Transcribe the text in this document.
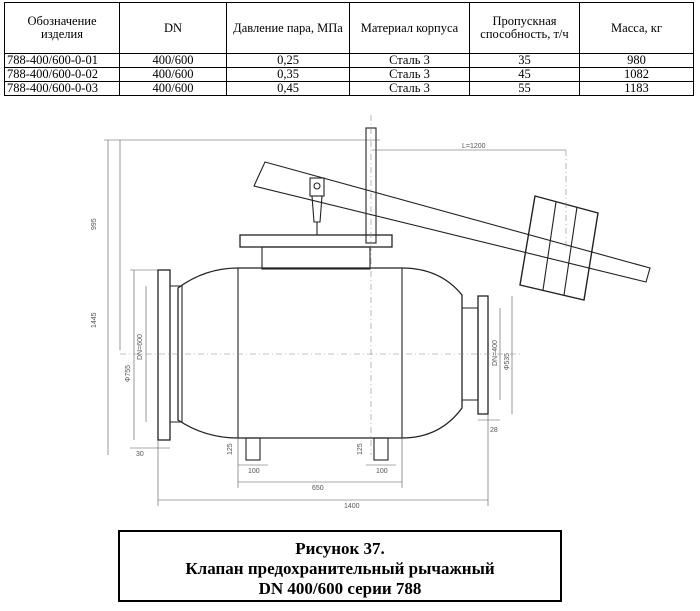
Обозначение изделия	DN	Давление пара, МПа	Материал корпуса	Пропускная способность, т/ч	Масса, кг
788-400/600-0-01	400/600	0,25	Сталь 3	35	980
788-400/600-0-02	400/600	0,35	Сталь 3	45	1082
788-400/600-0-03	400/600	0,45	Сталь 3	55	1183
L=1200
995
1445
DN=600
Ф755
DN=400 Ф535
28
30	125	125
100	100
650
1400
Рисунок 37.
Клапан предохранительный рычажный
DN 400/600 серии 788
